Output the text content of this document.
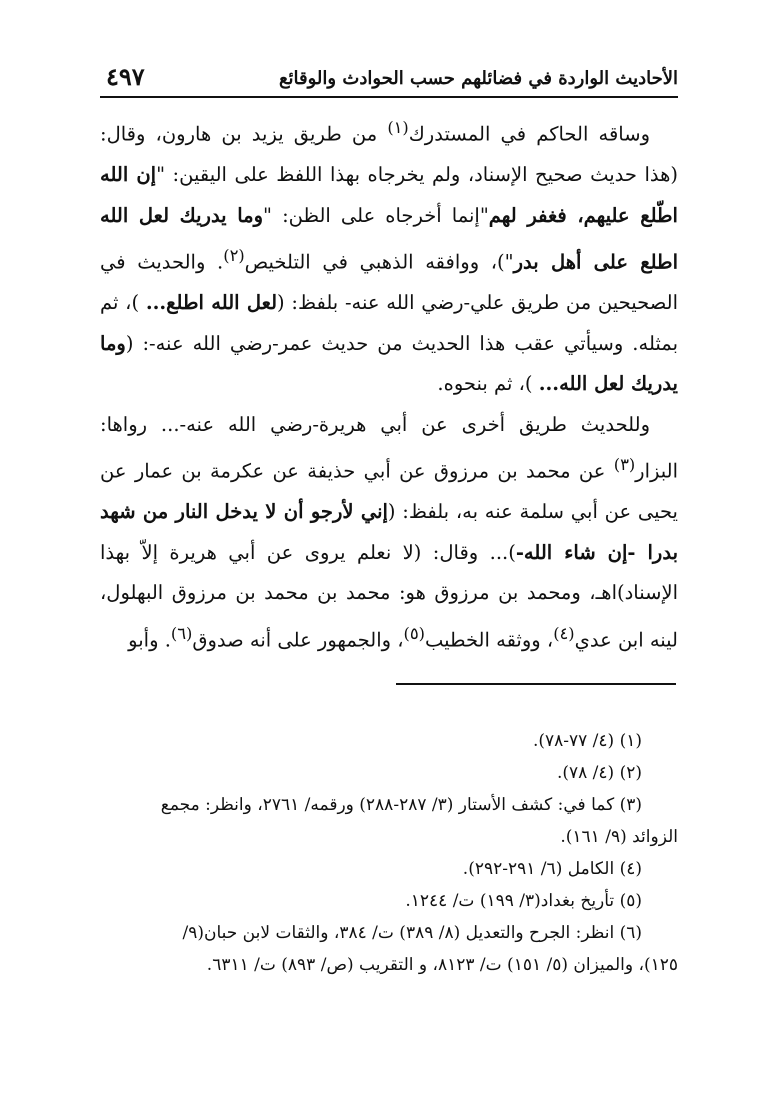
الأحاديث الواردة في فضائلهم حسب الحوادث والوقائع
٤٩٧

وساقه الحاكم في المستدرك$^{(١)}$ من طريق يزيد بن هارون، وقال: (هذا حديث صحيح الإسناد، ولم يخرجاه بهذا اللفظ على اليقين: "إن الله اطّلع عليهم، فغفر لهم"إنما أخرجاه على الظن: "وما يدريك لعل الله اطلع على أهل بدر")، ووافقه الذهبي في التلخيص$^{(٢)}$. والحديث في الصحيحين من طريق علي-رضي الله عنه- بلفظ: (لعل الله اطلع... )، ثم بمثله. وسيأتي عقب هذا الحديث من حديث عمر-رضي الله عنه-: (وما يدريك لعل الله... )، ثم بنحوه.

وللحديث طريق أخرى عن أبي هريرة-رضي الله عنه-... رواها: البزار$^{(٣)}$ عن محمد بن مرزوق عن أبي حذيفة عن عكرمة بن عمار عن يحيى عن أبي سلمة عنه به، بلفظ: (إني لأرجو أن لا يدخل النار من شهد بدرا -إن شاء الله-)... وقال: (لا نعلم يروى عن أبي هريرة إلاّ بهذا الإسناد)اهـ، ومحمد بن مرزوق هو: محمد بن محمد بن مرزوق البهلول، لينه ابن عدي$^{(٤)}$، ووثقه الخطيب$^{(٥)}$، والجمهور على أنه صدوق$^{(٦)}$. وأبو

(١) (٤/ ٧٧-٧٨).

(٢) (٤/ ٧٨).

(٣) كما في: كشف الأستار (٣/ ٢٨٧-٢٨٨) ورقمه/ ٢٧٦١، وانظر: مجمع

الزوائد (٩/ ١٦١).

(٤) الكامل (٦/ ٢٩١-٢٩٢).

(٥) تأريخ بغداد(٣/ ١٩٩) ت/ ١٢٤٤.

(٦) انظر: الجرح والتعديل (٨/ ٣٨٩) ت/ ٣٨٤، والثقات لابن حبان(٩/

١٢٥)، والميزان (٥/ ١٥١) ت/ ٨١٢٣، و التقريب (ص/ ٨٩٣) ت/ ٦٣١١.
